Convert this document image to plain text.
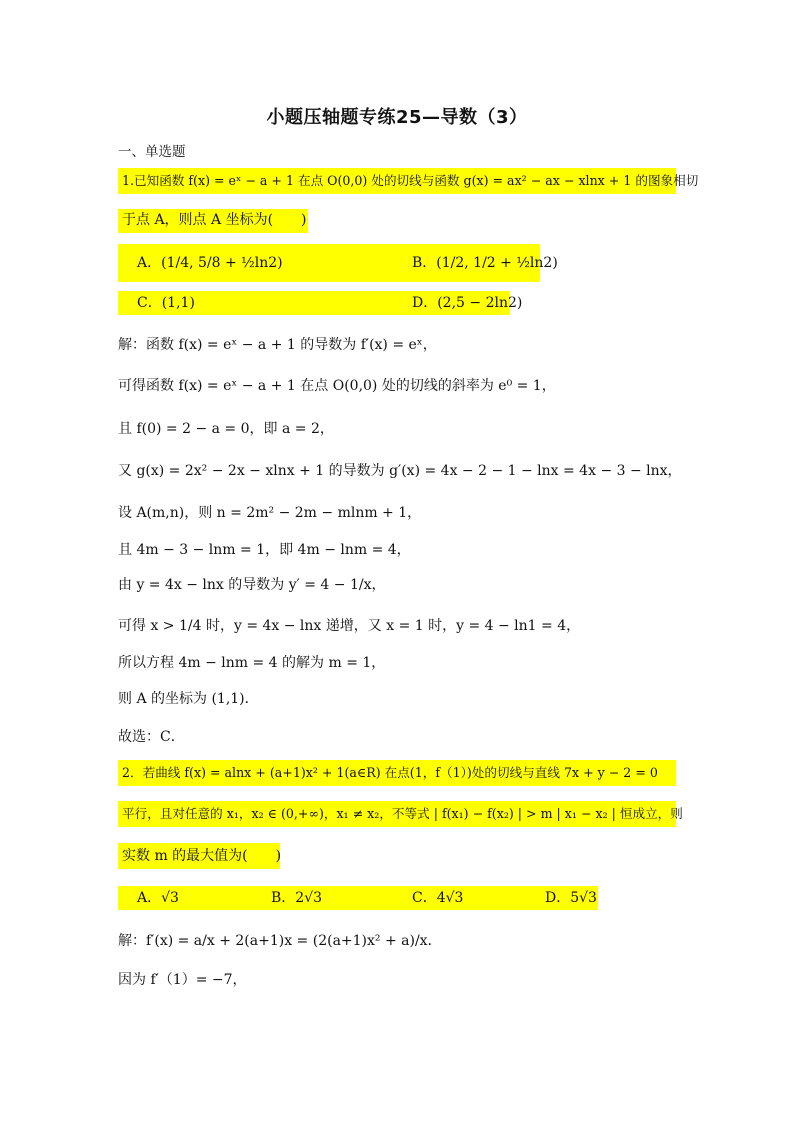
小题压轴题专练25—导数（3）
一、单选题
1.已知函数 f(x) = eˣ − a + 1 在点 O(0,0) 处的切线与函数 g(x) = ax² − ax − xlnx + 1 的图象相切
于点 A，则点 A 坐标为(　　)
A．(1/4, 5/8 + ½ln2)	B．(1/2, 1/2 + ½ln2)
C．(1,1)	D．(2,5 − 2ln2)
解：函数 f(x) = eˣ − a + 1 的导数为 f′(x) = eˣ，
可得函数 f(x) = eˣ − a + 1 在点 O(0,0) 处的切线的斜率为 e⁰ = 1，
且 f(0) = 2 − a = 0，即 a = 2，
又 g(x) = 2x² − 2x − xlnx + 1 的导数为 g′(x) = 4x − 2 − 1 − lnx = 4x − 3 − lnx，
设 A(m,n)，则 n = 2m² − 2m − mlnm + 1，
且 4m − 3 − lnm = 1，即 4m − lnm = 4，
由 y = 4x − lnx 的导数为 y′ = 4 − 1/x，
可得 x > 1/4 时，y = 4x − lnx 递增，又 x = 1 时，y = 4 − ln1 = 4，
所以方程 4m − lnm = 4 的解为 m = 1，
则 A 的坐标为 (1,1)．
故选：C．
2．若曲线 f(x) = alnx + (a+1)x² + 1(a∈R) 在点(1，f（1）)处的切线与直线 7x + y − 2 = 0
平行，且对任意的 x₁，x₂ ∈ (0,+∞)，x₁ ≠ x₂，不等式 | f(x₁) − f(x₂) | > m | x₁ − x₂ | 恒成立，则
实数 m 的最大值为(　　)
A．√3	B．2√3	C．4√3	D．5√3
解：f′(x) = a/x + 2(a+1)x = (2(a+1)x² + a)/x．
因为 f′（1）= −7，
